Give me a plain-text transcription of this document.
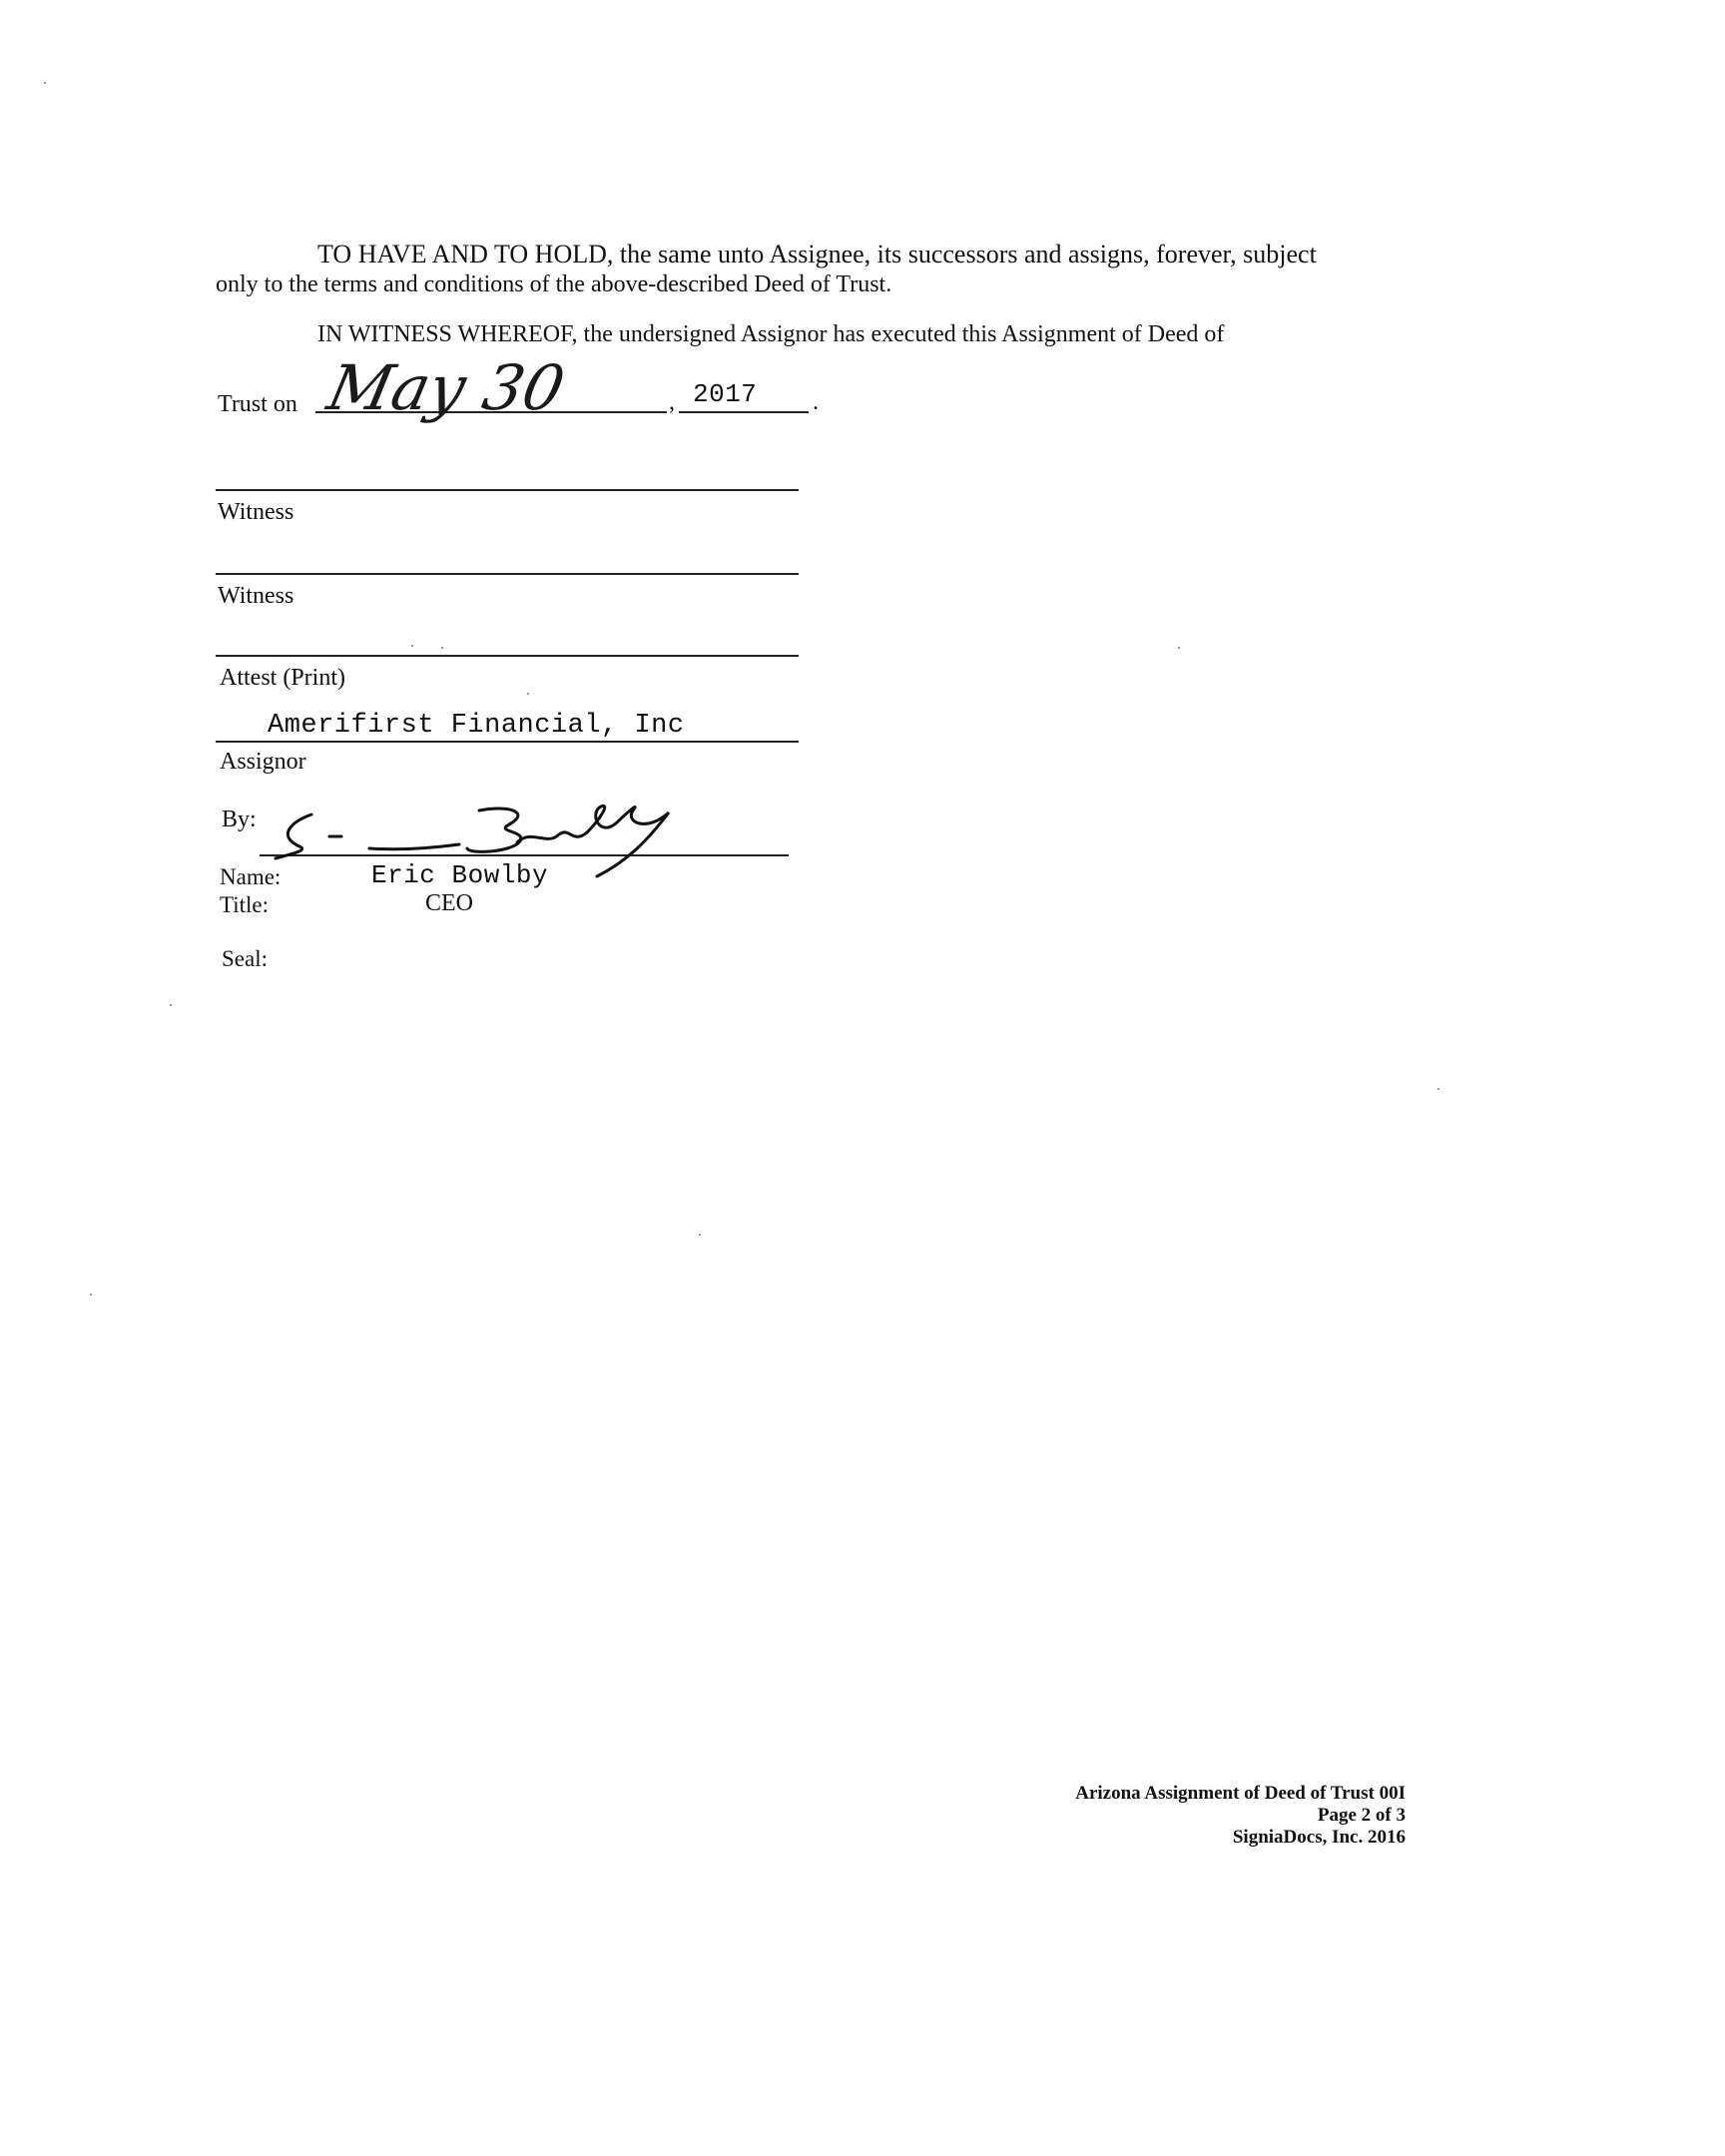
TO HAVE AND TO HOLD, the same unto Assignee, its successors and assigns, forever, subject
only to the terms and conditions of the above-described Deed of Trust.
IN WITNESS WHEREOF, the undersigned Assignor has executed this Assignment of Deed of
Trust on May 30	, 2017 .
Witness
Witness
Attest (Print)
Amerifirst Financial, Inc
Assignor
By:
Name:	Eric Bowlby
Title:	CEO
Seal:
Arizona Assignment of Deed of Trust 00I
Page 2 of 3
SigniaDocs, Inc. 2016
